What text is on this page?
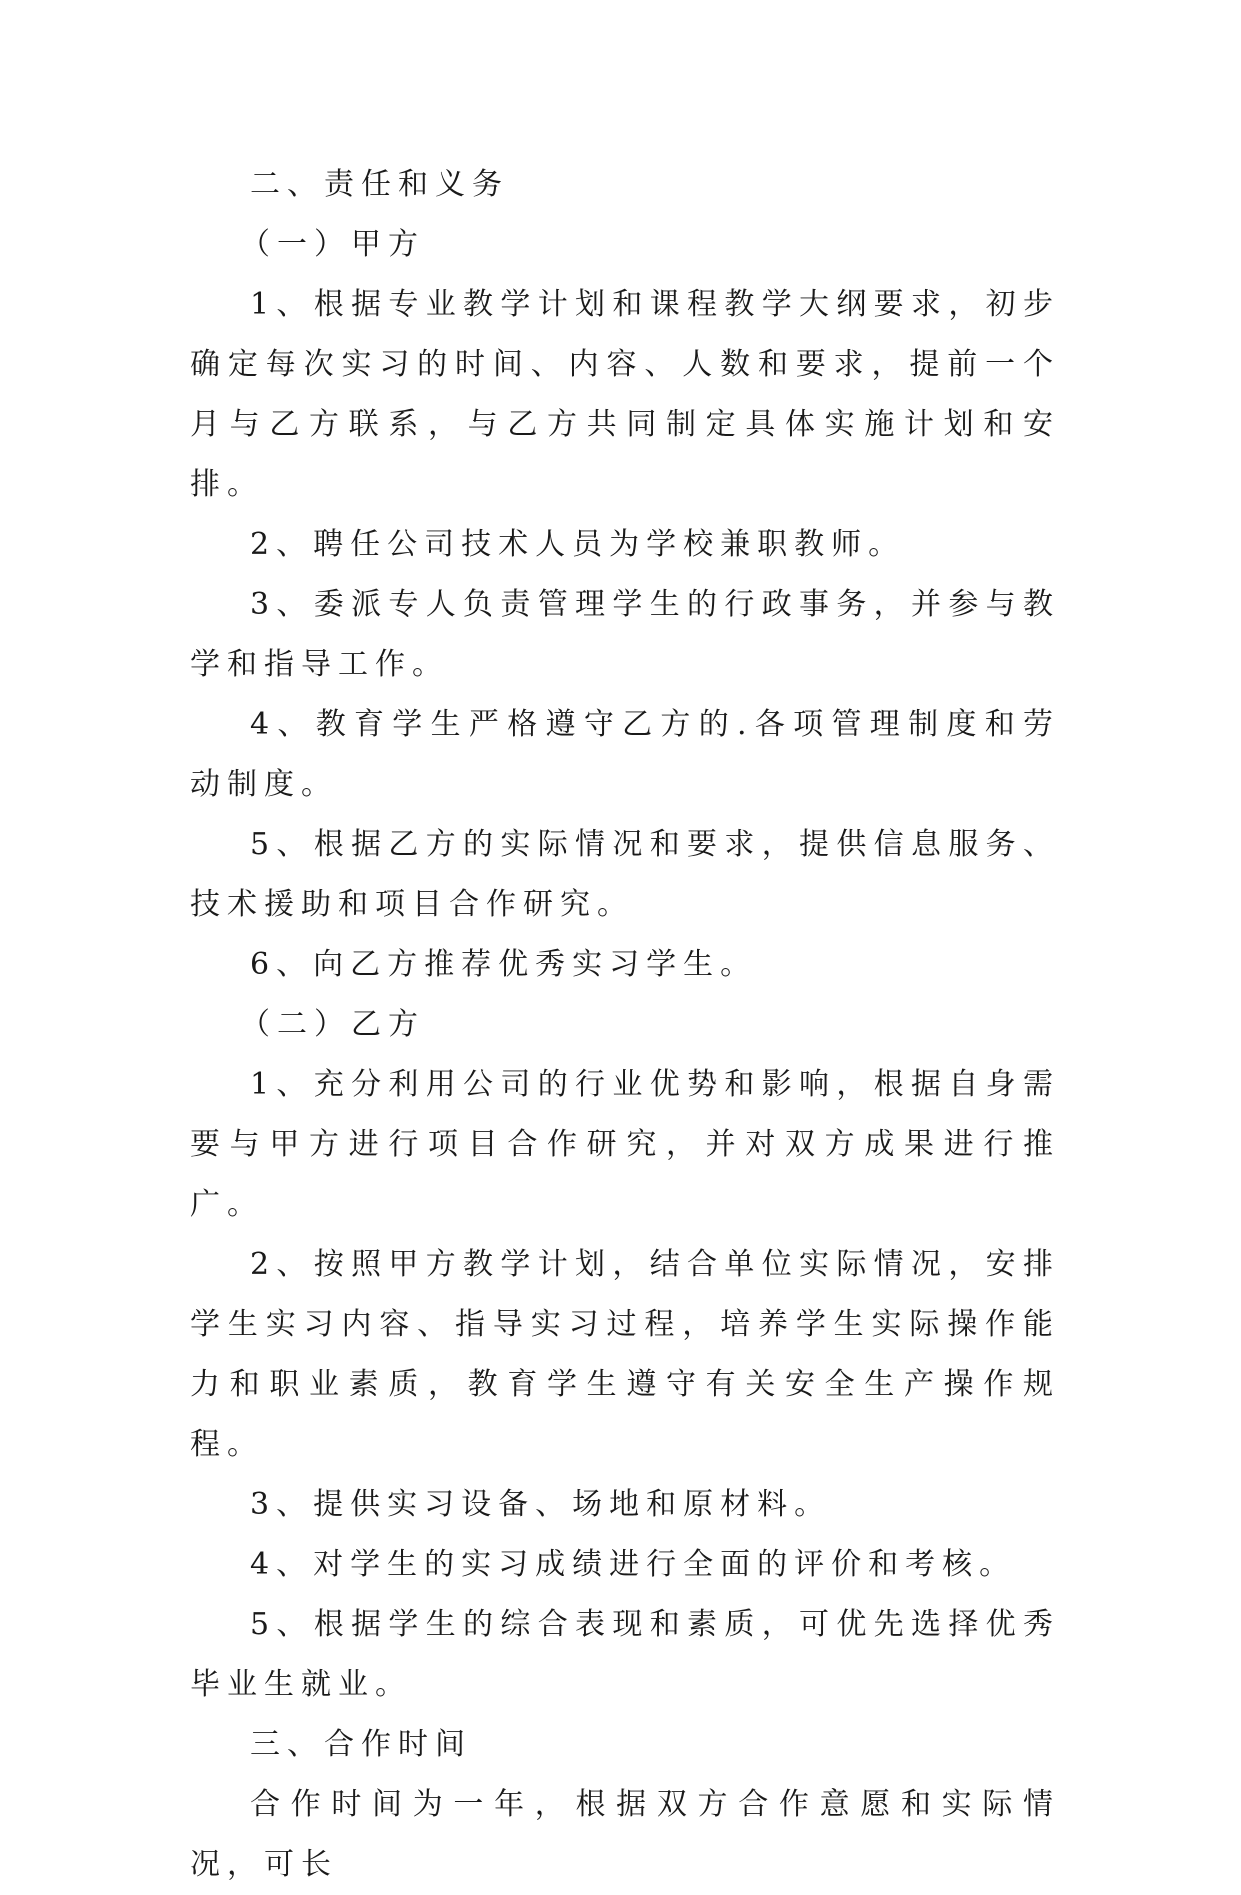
二、责任和义务

（一）甲方

1、根据专业教学计划和课程教学大纲要求，初步确定每次实习的时间、内容、人数和要求，提前一个月与乙方联系，与乙方共同制定具体实施计划和安排。

2、聘任公司技术人员为学校兼职教师。

3、委派专人负责管理学生的行政事务，并参与教学和指导工作。

4、教育学生严格遵守乙方的.各项管理制度和劳动制度。

5、根据乙方的实际情况和要求，提供信息服务、技术援助和项目合作研究。

6、向乙方推荐优秀实习学生。

（二）乙方

1、充分利用公司的行业优势和影响，根据自身需要与甲方进行项目合作研究，并对双方成果进行推广。

2、按照甲方教学计划，结合单位实际情况，安排学生实习内容、指导实习过程，培养学生实际操作能力和职业素质，教育学生遵守有关安全生产操作规程。

3、提供实习设备、场地和原材料。

4、对学生的实习成绩进行全面的评价和考核。

5、根据学生的综合表现和素质，可优先选择优秀毕业生就业。

三、合作时间

合作时间为一年，根据双方合作意愿和实际情况，可长
